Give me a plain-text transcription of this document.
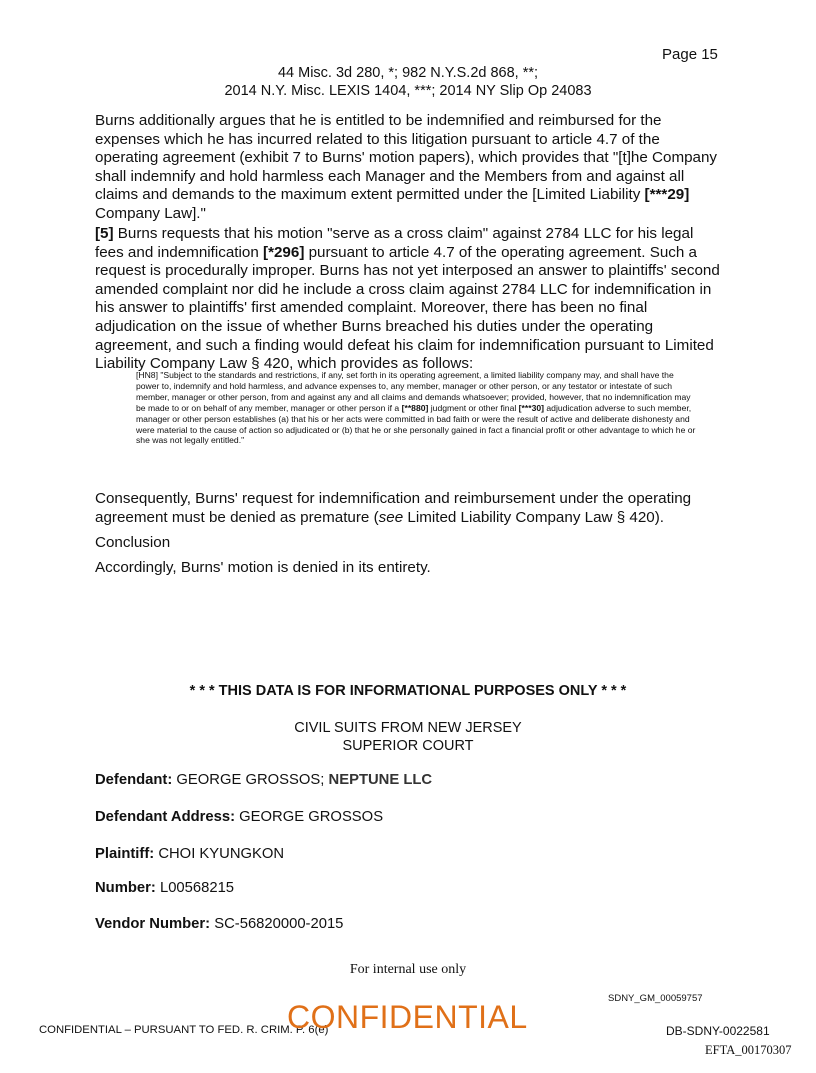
Page 15
44 Misc. 3d 280, *; 982 N.Y.S.2d 868, **;
2014 N.Y. Misc. LEXIS 1404, ***; 2014 NY Slip Op 24083

Burns additionally argues that he is entitled to be indemnified and reimbursed for the expenses which he has incurred related to this litigation pursuant to article 4.7 of the operating agreement (exhibit 7 to Burns' motion papers), which provides that "[t]he Company shall indemnify and hold harmless each Manager and the Members from and against all claims and demands to the maximum extent permitted under the [Limited Liability [***29] Company Law]."

[5] Burns requests that his motion "serve as a cross claim" against 2784 LLC for his legal fees and indemnification [*296] pursuant to article 4.7 of the operating agreement. Such a request is procedurally improper. Burns has not yet interposed an answer to plaintiffs' second amended complaint nor did he include a cross claim against 2784 LLC for indemnification in his answer to plaintiffs' first amended complaint. Moreover, there has been no final adjudication on the issue of whether Burns breached his duties under the operating agreement, and such a finding would defeat his claim for indemnification pursuant to Limited Liability Company Law § 420, which provides as follows:

[HN8] "Subject to the standards and restrictions, if any, set forth in its operating agreement, a limited liability company may, and shall have the power to, indemnify and hold harmless, and advance expenses to, any member, manager or other person, or any testator or intestate of such member, manager or other person, from and against any and all claims and demands whatsoever; provided, however, that no indemnification may be made to or on behalf of any member, manager or other person if a [**880] judgment or other final [***30] adjudication adverse to such member, manager or other person establishes (a) that his or her acts were committed in bad faith or were the result of active and deliberate dishonesty and were material to the cause of action so adjudicated or (b) that he or she personally gained in fact a financial profit or other advantage to which he or she was not legally entitled."

Consequently, Burns' request for indemnification and reimbursement under the operating agreement must be denied as premature (see Limited Liability Company Law § 420).

Conclusion
Accordingly, Burns' motion is denied in its entirety.
* * * THIS DATA IS FOR INFORMATIONAL PURPOSES ONLY * * *
CIVIL SUITS FROM NEW JERSEY
SUPERIOR COURT
Defendant: GEORGE GROSSOS; NEPTUNE LLC
Defendant Address: GEORGE GROSSOS
Plaintiff: CHOI KYUNGKON
Number: L00568215
Vendor Number: SC-56820000-2015
For internal use only
SDNY_GM_00059757
CONFIDENTIAL – PURSUANT TO FED. R. CRIM. P. 6(e)
CONFIDENTIAL	DB-SDNY-0022581
EFTA_00170307
